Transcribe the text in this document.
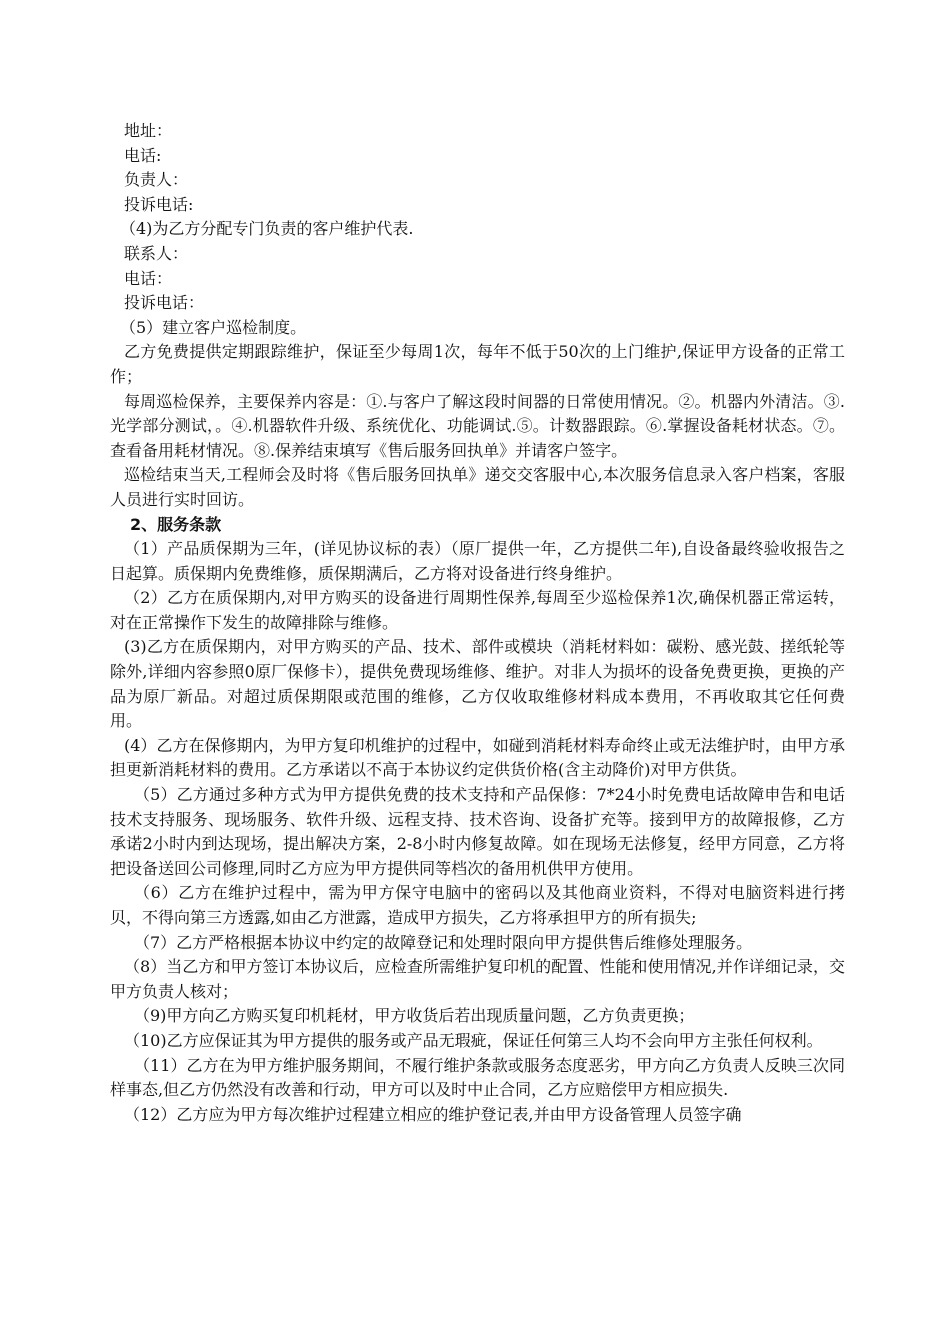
地址：

电话:

负责人：

投诉电话:

（4)为乙方分配专门负责的客户维护代表.

联系人：

电话：

投诉电话：

（5）建立客户巡检制度。

乙方免费提供定期跟踪维护，保证至少每周1次，每年不低于50次的上门维护,保证甲方设备的正常工作；

每周巡检保养，主要保养内容是：①.与客户了解这段时间器的日常使用情况。②。机器内外清洁。③.光学部分测试，。④.机器软件升级、系统优化、功能调试.⑤。计数器跟踪。⑥.掌握设备耗材状态。⑦。查看备用耗材情况。⑧.保养结束填写《售后服务回执单》并请客户签字。

巡检结束当天,工程师会及时将《售后服务回执单》递交交客服中心,本次服务信息录入客户档案，客服人员进行实时回访。

2、服务条款

（1）产品质保期为三年，(详见协议标的表）（原厂提供一年，乙方提供二年),自设备最终验收报告之日起算。质保期内免费维修，质保期满后，乙方将对设备进行终身维护。

（2）乙方在质保期内,对甲方购买的设备进行周期性保养,每周至少巡检保养1次,确保机器正常运转，对在正常操作下发生的故障排除与维修。

(3)乙方在质保期内，对甲方购买的产品、技术、部件或模块（消耗材料如：碳粉、感光鼓、搓纸轮等除外,详细内容参照0原厂保修卡），提供免费现场维修、维护。对非人为损坏的设备免费更换，更换的产品为原厂新品。对超过质保期限或范围的维修，乙方仅收取维修材料成本费用，不再收取其它任何费用。

(4）乙方在保修期内，为甲方复印机维护的过程中，如碰到消耗材料寿命终止或无法维护时，由甲方承担更新消耗材料的费用。乙方承诺以不高于本协议约定供货价格(含主动降价)对甲方供货。

（5）乙方通过多种方式为甲方提供免费的技术支持和产品保修：7*24小时免费电话故障申告和电话技术支持服务、现场服务、软件升级、远程支持、技术咨询、设备扩充等。接到甲方的故障报修，乙方承诺2小时内到达现场，提出解决方案，2-8小时内修复故障。如在现场无法修复，经甲方同意，乙方将把设备送回公司修理,同时乙方应为甲方提供同等档次的备用机供甲方使用。

（6）乙方在维护过程中，需为甲方保守电脑中的密码以及其他商业资料，不得对电脑资料进行拷贝，不得向第三方透露,如由乙方泄露，造成甲方损失，乙方将承担甲方的所有损失;

（7）乙方严格根据本协议中约定的故障登记和处理时限向甲方提供售后维修处理服务。

（8）当乙方和甲方签订本协议后，应检查所需维护复印机的配置、性能和使用情况,并作详细记录，交甲方负责人核对；

（9)甲方向乙方购买复印机耗材，甲方收货后若出现质量问题，乙方负责更换；

（10)乙方应保证其为甲方提供的服务或产品无瑕疵，保证任何第三人均不会向甲方主张任何权利。

（11）乙方在为甲方维护服务期间，不履行维护条款或服务态度恶劣，甲方向乙方负责人反映三次同样事态,但乙方仍然没有改善和行动，甲方可以及时中止合同，乙方应赔偿甲方相应损失.

（12）乙方应为甲方每次维护过程建立相应的维护登记表,并由甲方设备管理人员签字确
